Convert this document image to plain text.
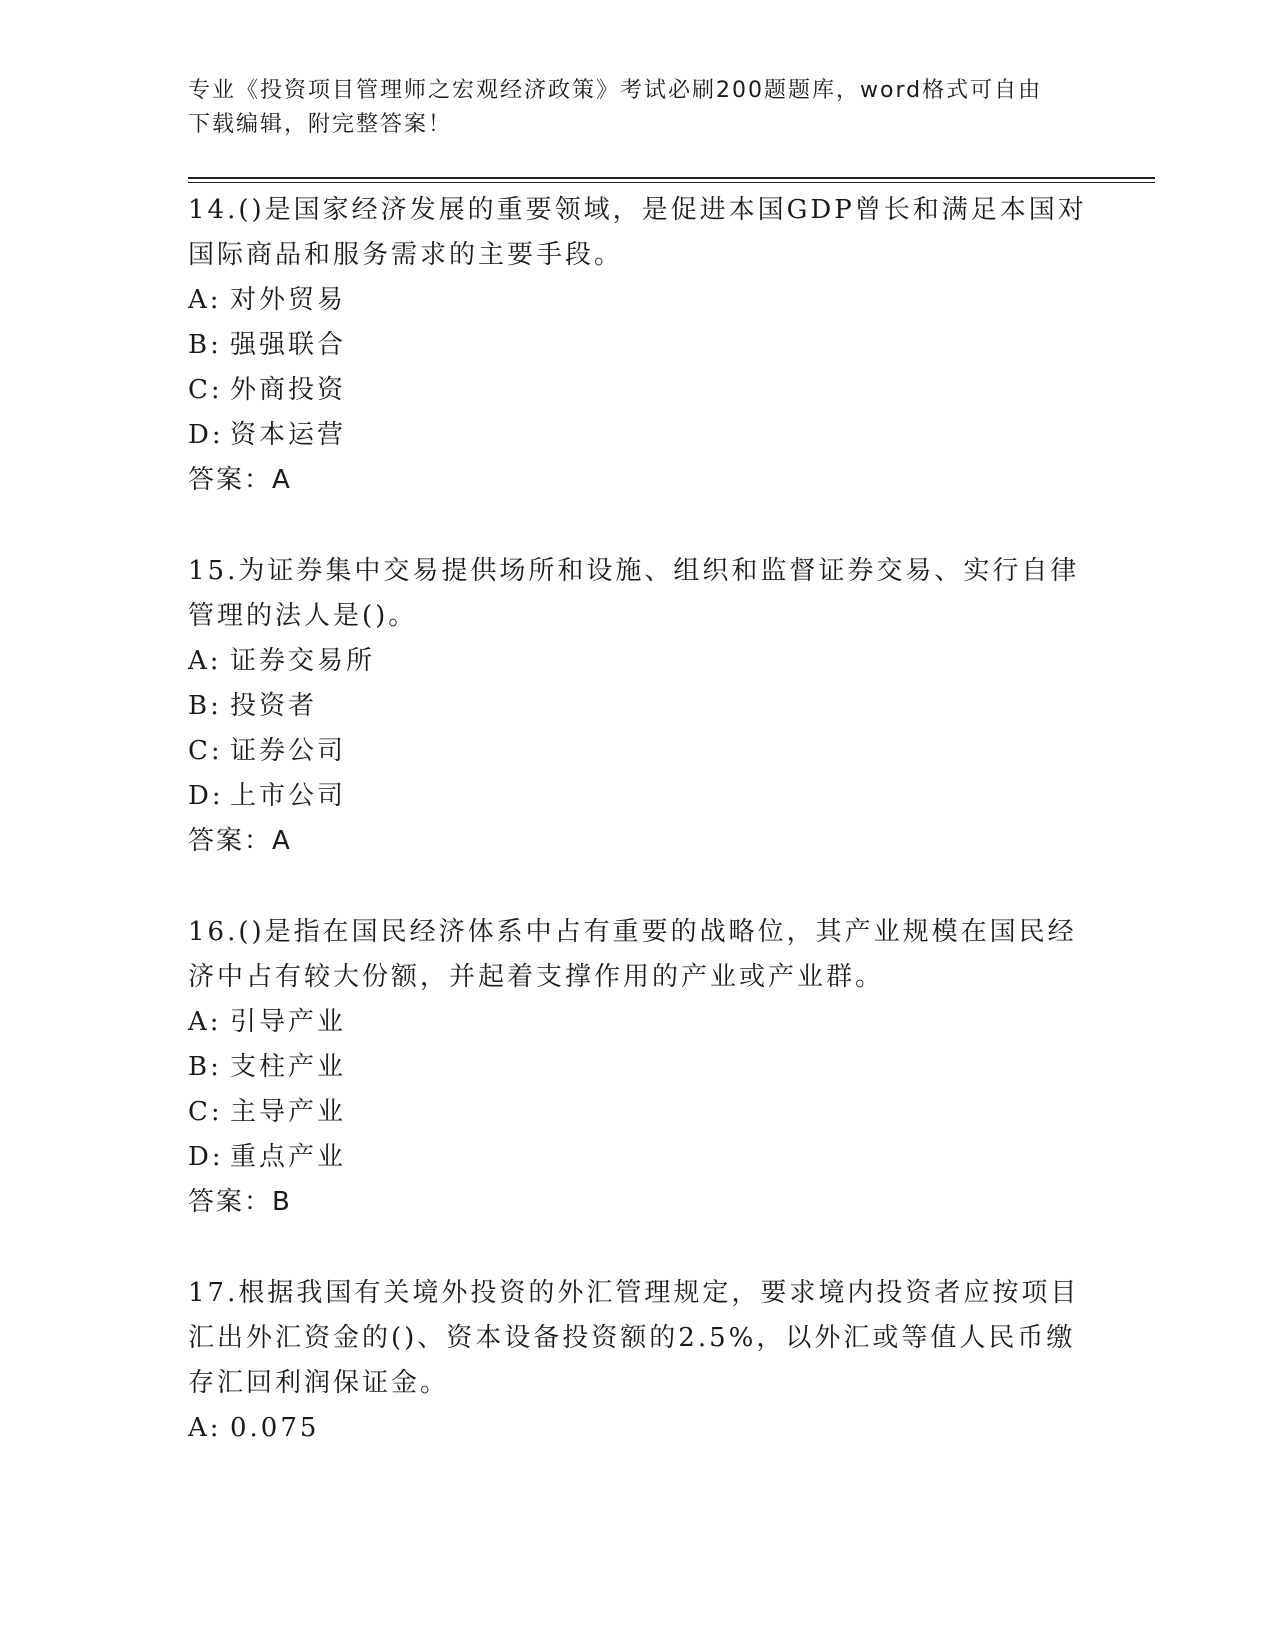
专业《投资项目管理师之宏观经济政策》考试必刷200题题库，word格式可自由
下载编辑，附完整答案！

14.()是国家经济发展的重要领域，是促进本国GDP曾长和满足本国对国际商品和服务需求的主要手段。

A: 对外贸易

B: 强强联合

C: 外商投资

D: 资本运营

答案：A

15.为证券集中交易提供场所和设施、组织和监督证券交易、实行自律管理的法人是()。

A: 证券交易所

B: 投资者

C: 证券公司

D: 上市公司

答案：A

16.()是指在国民经济体系中占有重要的战略位，其产业规模在国民经济中占有较大份额，并起着支撑作用的产业或产业群。

A: 引导产业

B: 支柱产业

C: 主导产业

D: 重点产业

答案：B

17.根据我国有关境外投资的外汇管理规定，要求境内投资者应按项目汇出外汇资金的()、资本设备投资额的2.5%，以外汇或等值人民币缴存汇回利润保证金。

A: 0.075
